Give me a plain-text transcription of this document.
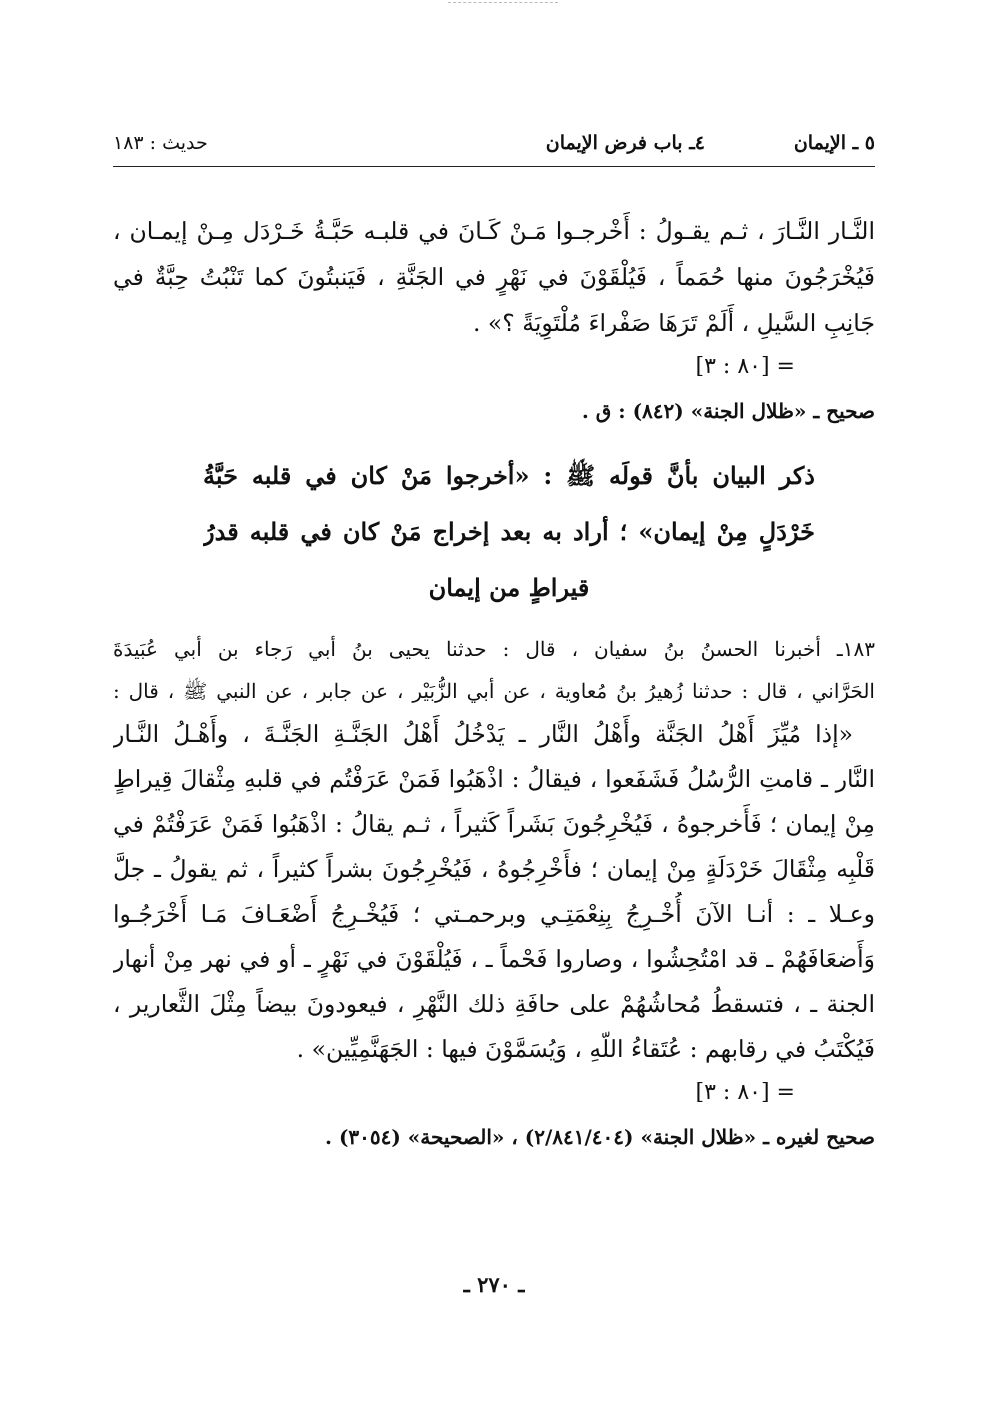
٥ ـ الإيمان
٤ـ باب فرض الإيمان
حديث : ١٨٣
النَّـار النَّـارَ ، ثـم يقـولُ : أَخْرجـوا مَـنْ كَـانَ في قلبـه حَبَّـةُ خَـرْدَل مِـنْ إيمـان ،
فَيُخْرَجُونَ منها حُمَماً ، فَيُلْقَوْنَ في نَهْرٍ في الجَنَّةِ ، فَيَنبتُونَ كما تَنْبُتُ حِبَّةٌ في
جَانِبِ السَّيلِ ، أَلَمْ تَرَهَا صَفْراءَ مُلْتَوِيَةً ؟» .
= [٨٠ : ٣]
صحيح ـ «ظلال الجنة» (٨٤٢) : ق .
ذكر البيان بأنَّ قولَه ﷺ : «أخرجوا مَنْ كان في قلبه حَبَّةُ
خَرْدَلٍ مِنْ إيمان» ؛ أراد به بعد إخراج مَنْ كان في قلبه قدرُ
قيراطٍ من إيمان
١٨٣ـ أخبرنا الحسنُ بنُ سفيان ، قال : حدثنا يحيى بنُ أبي رَجاء بن أبي عُبَيدَةَ
الحَرَّاني ، قال : حدثنا زُهيرُ بنُ مُعاوية ، عن أبي الزُّبَيْر ، عن جابر ، عن النبي ﷺ ، قال :
«إذا مُيِّزَ أَهْلُ الجَنَّة وأَهْلُ النَّار ـ يَدْخُلُ أَهْلُ الجَنَّـةِ الجَنَّـةَ ، وأَهْـلُ النَّـار
النَّار ـ قامتِ الرُّسُلُ فَشَفَعوا ، فيقالُ : اذْهَبُوا فَمَنْ عَرَفْتُم في قلبهِ مِثْقالَ قِيراطٍ
مِنْ إيمان ؛ فَأَخرجوهُ ، فَيُخْرِجُونَ بَشَراً كَثيراً ، ثـم يقالُ : اذْهَبُوا فَمَنْ عَرَفْتُمْ في
قَلْبِه مِثْقَالَ خَرْدَلَةٍ مِنْ إيمان ؛ فأَخْرِجُوهُ ، فَيُخْرِجُونَ بشراً كثيراً ، ثم يقولُ ـ جلَّ
وعـلا ـ : أنـا الآنَ أُخْـرِجُ بِنِعْمَتِـي وبرحمـتي ؛ فَيُخْـرِجُ أَضْعَـافَ مَـا أَخْرَجُـوا
وَأَضعَافَهُمْ ـ قد امْتُحِشُوا ، وصاروا فَحْماً ـ ، فَيُلْقَوْنَ في نَهْرٍ ـ أو في نهر مِنْ أنهار
الجنة ـ ، فتسقطُ مُحاشُهُمْ على حافَةِ ذلك النَّهْرِ ، فيعودونَ بيضاً مِثْلَ الثَّعارير ،
فَيُكْتَبُ في رقابهم : عُتَقاءُ اللّهِ ، وَيُسَمَّوْنَ فيها : الجَهَنَّمِيِّين» .
= [٨٠ : ٣]
صحيح لغيره ـ «ظلال الجنة» (٢/٨٤١/٤٠٤) ، «الصحيحة» (٣٠٥٤) .
ـ ٢٧٠ ـ
